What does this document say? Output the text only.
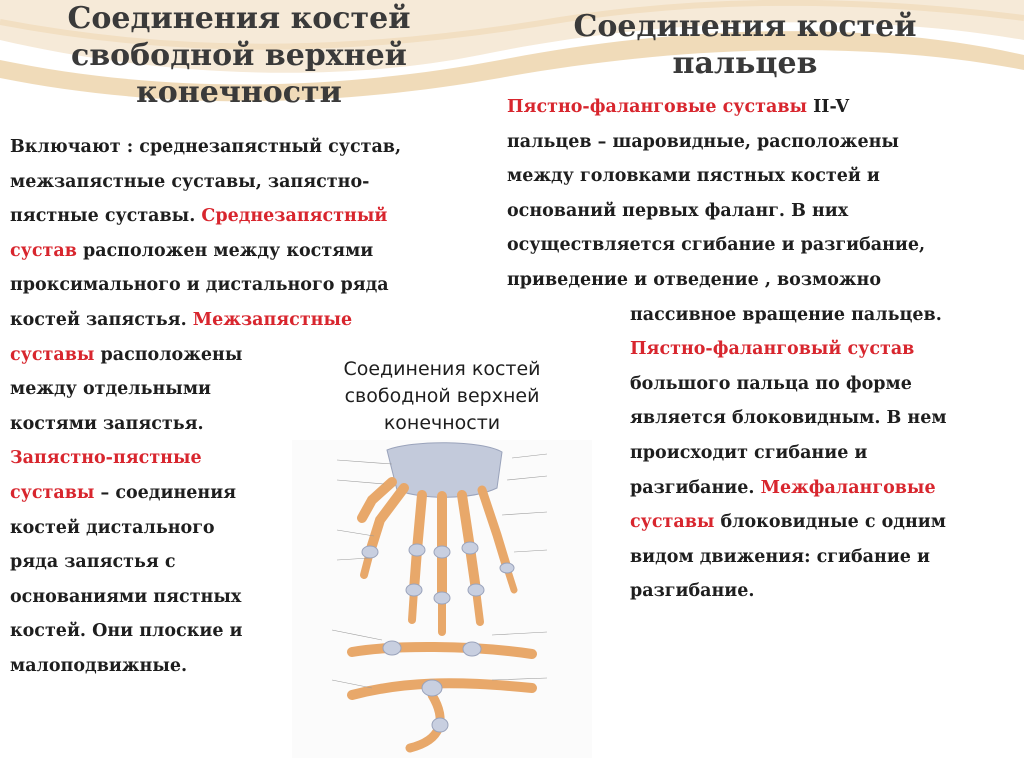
Соединения костей
свободной верхней
конечности
Соединения костей
пальцев
Включают : среднезапястный сустав,
межзапястные суставы, запястно-
пястные суставы. Среднезапястный
сустав расположен между костями
проксимального и дистального ряда
костей запястья. Межзапястные
суставы расположены
между отдельными
костями запястья.
Запястно-пястные
суставы – соединения
костей дистального
ряда запястья с
основаниями пястных
костей. Они плоские и
малоподвижные.
Пястно-фаланговые суставы II-V
пальцев – шаровидные, расположены
между головками пястных костей и
оснований первых фаланг. В них
осуществляется сгибание и разгибание,
приведение и отведение , возможно
пассивное вращение пальцев.
Пястно-фаланговый сустав
большого пальца по форме
является блоковидным. В нем
происходит сгибание и
разгибание. Межфаланговые
суставы блоковидные с одним
видом движения: сгибание и
разгибание.
Соединения костей
свободной верхней
конечности
